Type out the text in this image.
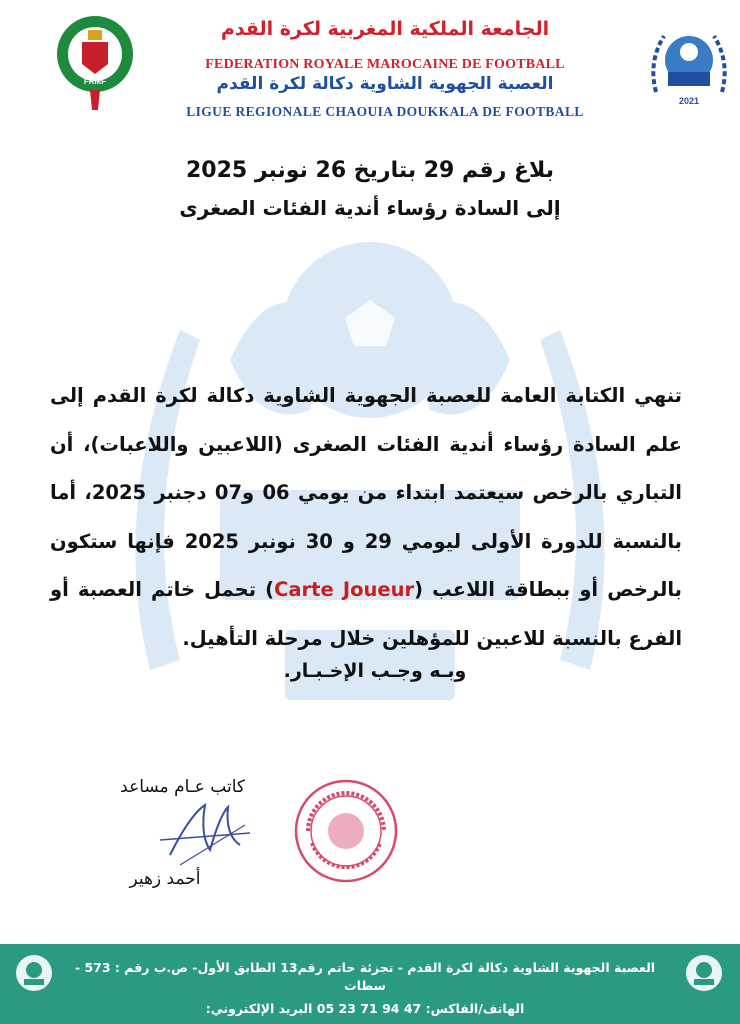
FRMF
الجامعة الملكية المغربية لكرة القدم
FEDERATION ROYALE MAROCAINE DE FOOTBALL
العصبة الجهوية الشاوية دكالة لكرة القدم
LIGUE REGIONALE CHAOUIA DOUKKALA DE FOOTBALL
2021
بلاغ رقم 29 بتاريخ 26 نونبر 2025
إلى السادة رؤساء أندية الفئات الصغرى
تنهي الكتابة العامة للعصبة الجهوية الشاوية دكالة لكرة القدم إلى علم السادة رؤساء أندية الفئات الصغرى (اللاعبين واللاعبات)، أن التباري بالرخص سيعتمد ابتداء من يومي 06 و07 دجنبر 2025، أما بالنسبة للدورة الأولى ليومي 29 و 30 نونبر 2025 فإنها ستكون بالرخص أو ببطاقة اللاعب (Carte Joueur) تحمل خاتم العصبة أو الفرع بالنسبة للاعبين للمؤهلين خلال مرحلة التأهيل.
وبـه وجـب الإخـبـار.
كاتب عـام مساعد
أحمد زهير
العصبة الجهوية الشاوية دكالة لكرة القدم - تجزئة حاتم رقم13 الطابق الأول- ص.ب رقم : 573 -
سطات
الهاتف/الفاكس: 47 94 71 23 05 البريد الإلكتروني:
